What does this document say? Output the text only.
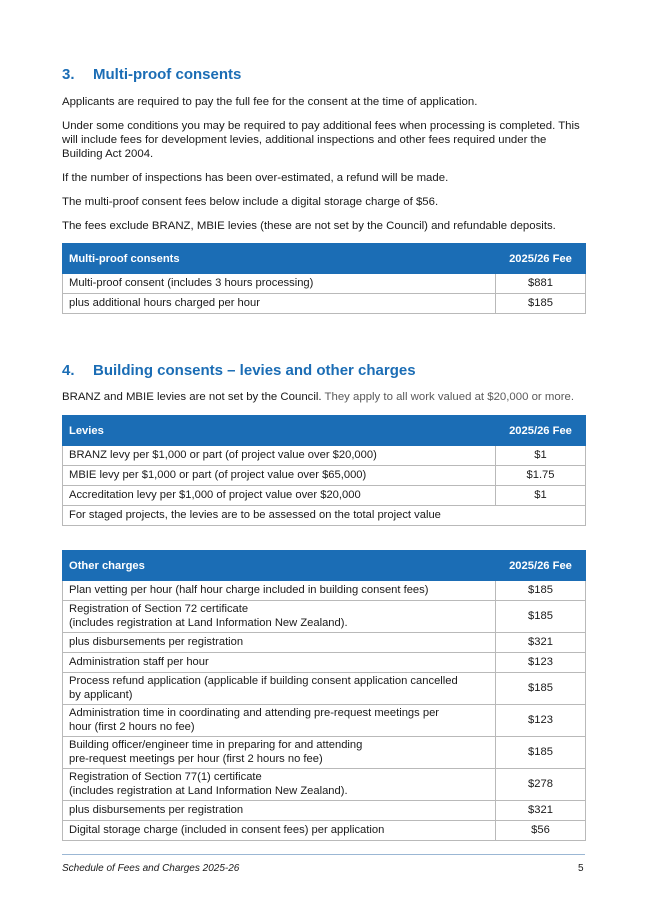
3. Multi-proof consents

Applicants are required to pay the full fee for the consent at the time of application.

Under some conditions you may be required to pay additional fees when processing is completed. This will include fees for development levies, additional inspections and other fees required under the Building Act 2004.

If the number of inspections has been over-estimated, a refund will be made.

The multi-proof consent fees below include a digital storage charge of $56.

The fees exclude BRANZ, MBIE levies (these are not set by the Council) and refundable deposits.

Multi-proof consents	2025/26 Fee
Multi-proof consent (includes 3 hours processing)	$881
plus additional hours charged per hour	$185
4. Building consents – levies and other charges

BRANZ and MBIE levies are not set by the Council. They apply to all work valued at $20,000 or more.

Levies	2025/26 Fee
BRANZ levy per $1,000 or part (of project value over $20,000)	$1
MBIE levy per $1,000 or part (of project value over $65,000)	$1.75
Accreditation levy per $1,000 of project value over $20,000	$1
For staged projects, the levies are to be assessed on the total project value	
Other charges	2025/26 Fee
Plan vetting per hour (half hour charge included in building consent fees)	$185

Registration of Section 72 certificate
(includes registration at Land Information New Zealand).	$185
plus disbursements per registration	$321
Administration staff per hour	$123

Process refund application (applicable if building consent application cancelled
by applicant)	$185

Administration time in coordinating and attending pre-request meetings per
hour (first 2 hours no fee)	$123

Building officer/engineer time in preparing for and attending
pre-request meetings per hour (first 2 hours no fee)	$185

Registration of Section 77(1) certificate
(includes registration at Land Information New Zealand).	$278
plus disbursements per registration	$321
Digital storage charge (included in consent fees) per application	$56
Schedule of Fees and Charges 2025-26	5
